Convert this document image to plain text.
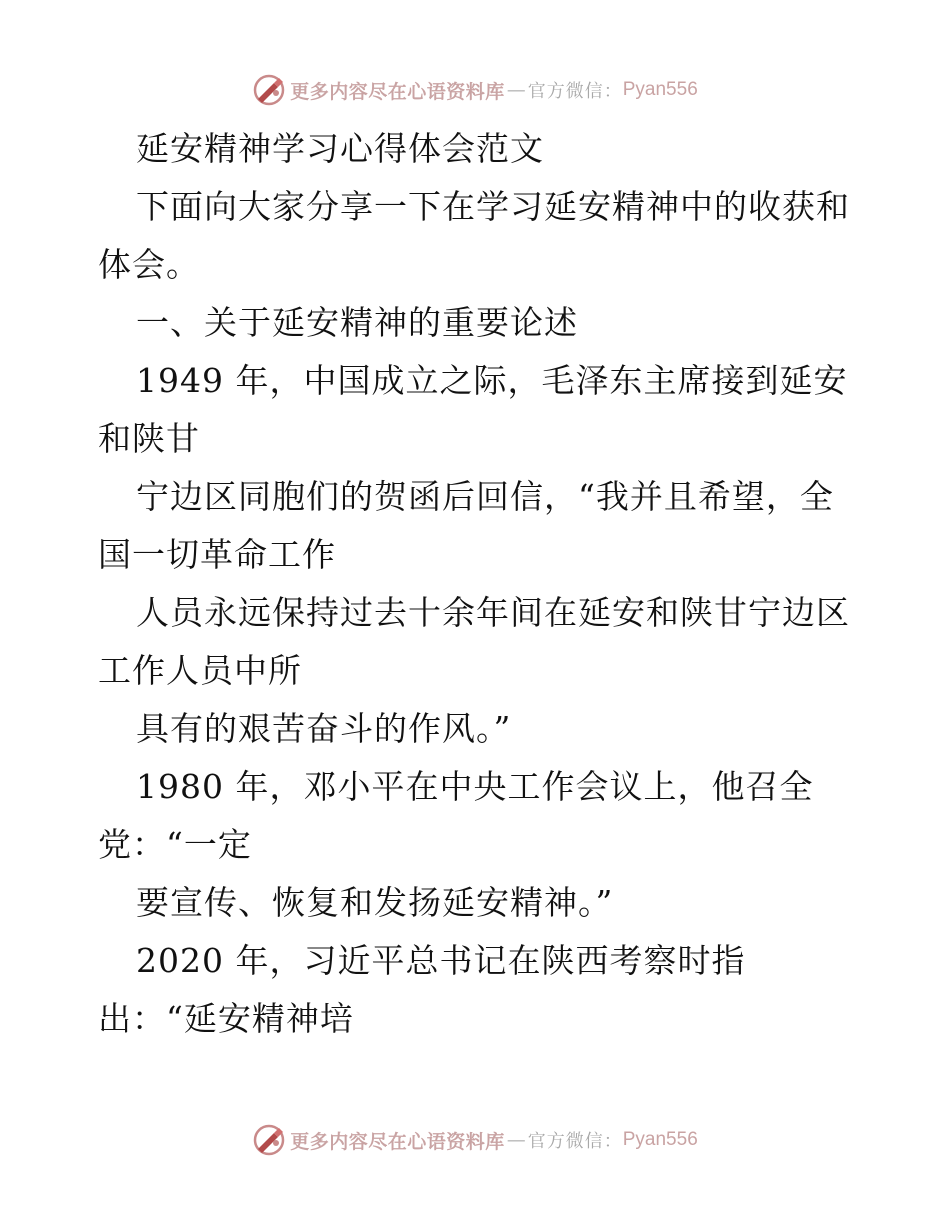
更多内容尽在心语资料库 — 官方微信： Pyan556
延安精神学习心得体会范文
下面向大家分享一下在学习延安精神中的收获和
体会。
一、关于延安精神的重要论述
1949 年，中国成立之际，毛泽东主席接到延安
和陕甘
宁边区同胞们的贺函后回信，“我并且希望，全
国一切革命工作
人员永远保持过去十余年间在延安和陕甘宁边区
工作人员中所
具有的艰苦奋斗的作风。”
1980 年，邓小平在中央工作会议上，他召全
党：“一定
要宣传、恢复和发扬延安精神。”
2020 年，习近平总书记在陕西考察时指
出：“延安精神培
更多内容尽在心语资料库 — 官方微信： Pyan556
